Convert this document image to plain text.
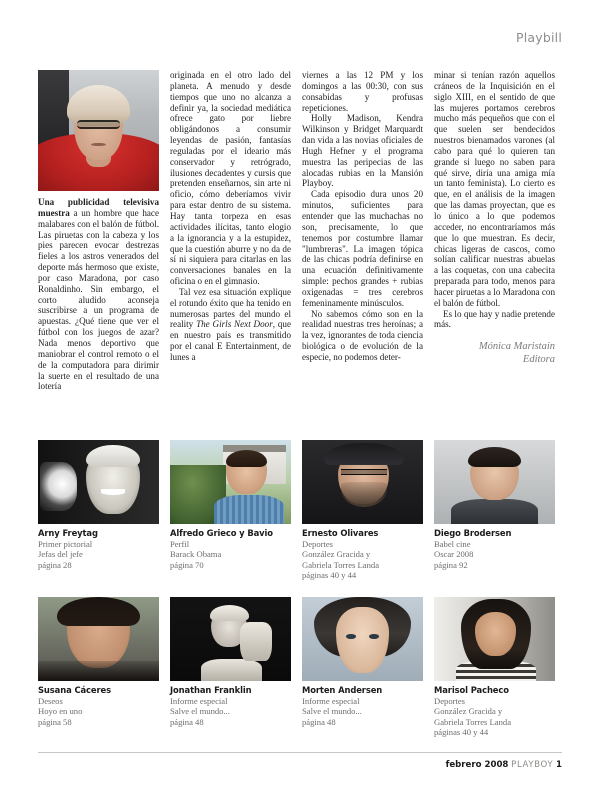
Playbill

Una publicidad televisiva muestra a un hombre que hace malabares con el balón de fútbol. Las piruetas con la cabeza y los pies parecen evocar destrezas fieles a los astros venerados del deporte más hermoso que existe, por caso Maradona, por caso Ronaldinho. Sin embargo, el corto aludido aconseja suscribirse a un programa de apuestas. ¿Qué tiene que ver el fútbol con los juegos de azar? Nada menos deportivo que maniobrar el control remoto o el de la computadora para dirimir la suerte en el resultado de una lotería

originada en el otro lado del planeta. A menudo y desde tiempos que uno no alcanza a definir ya, la sociedad mediática ofrece gato por liebre obligándonos a consumir leyendas de pasión, fantasías reguladas por el ideario más conservador y retrógrado, ilusiones decadentes y cursis que pretenden enseñarnos, sin arte ni oficio, cómo deberíamos vivir para estar dentro de su sistema. Hay tanta torpeza en esas actividades ilícitas, tanto elogio a la ignorancia y a la estupidez, que la cuestión aburre y no da de sí ni siquiera para citarlas en las conversaciones banales en la oficina o en el gimnasio.

Tal vez esa situación explique el rotundo éxito que ha tenido en numerosas partes del mundo el reality The Girls Next Door, que en nuestro país es transmitido por el canal E Entertainment, de lunes a

viernes a las 12 PM y los domingos a las 00:30, con sus consabidas y profusas repeticiones.

Holly Madison, Kendra Wilkinson y Bridget Marquardt dan vida a las novias oficiales de Hugh Hefner y el programa muestra las peripecias de las alocadas rubias en la Mansión Playboy.

Cada episodio dura unos 20 minutos, suficientes para entender que las muchachas no son, precisamente, lo que tenemos por costumbre llamar "lumbreras". La imagen tópica de las chicas podría definirse en una ecuación definitivamente simple: pechos grandes + rubias oxigenadas = tres cerebros femeninamente minúsculos.

No sabemos cómo son en la realidad nuestras tres heroínas; a la vez, ignorantes de toda ciencia biológica o de evolución de la especie, no podemos deter-

minar si tenían razón aquellos cráneos de la Inquisición en el siglo XIII, en el sentido de que las mujeres portamos cerebros mucho más pequeños que con el que suelen ser bendecidos nuestros bienamados varones (al cabo para qué lo quieren tan grande si luego no saben para qué sirve, diría una amiga mía un tanto feminista). Lo cierto es que, en el análisis de la imagen que las damas proyectan, que es lo único a lo que podemos acceder, no encontraríamos más que lo que muestran. Es decir, chicas ligeras de cascos, como solían calificar nuestras abuelas a las coquetas, con una cabecita preparada para todo, menos para hacer piruetas a lo Maradona con el balón de fútbol.

Es lo que hay y nadie pretende más.

Mónica Maristain
Editora
Arny Freytag
Primer pictorial
Jefas del jefe
página 28
Alfredo Grieco y Bavio
Perfil
Barack Obama
página 70
Ernesto Olivares
Deportes
González Gracida y
Gabriela Torres Landa
páginas 40 y 44
Diego Brodersen
Babel cine
Oscar 2008
página 92
Susana Cáceres
Deseos
Hoyo en uno
página 58
Jonathan Franklin
Informe especial
Salve el mundo...
página 48
Morten Andersen
Informe especial
Salve el mundo...
página 48
Marisol Pacheco
Deportes
González Gracida y
Gabriela Torres Landa
páginas 40 y 44
febrero 2008 PLAYBOY 1
